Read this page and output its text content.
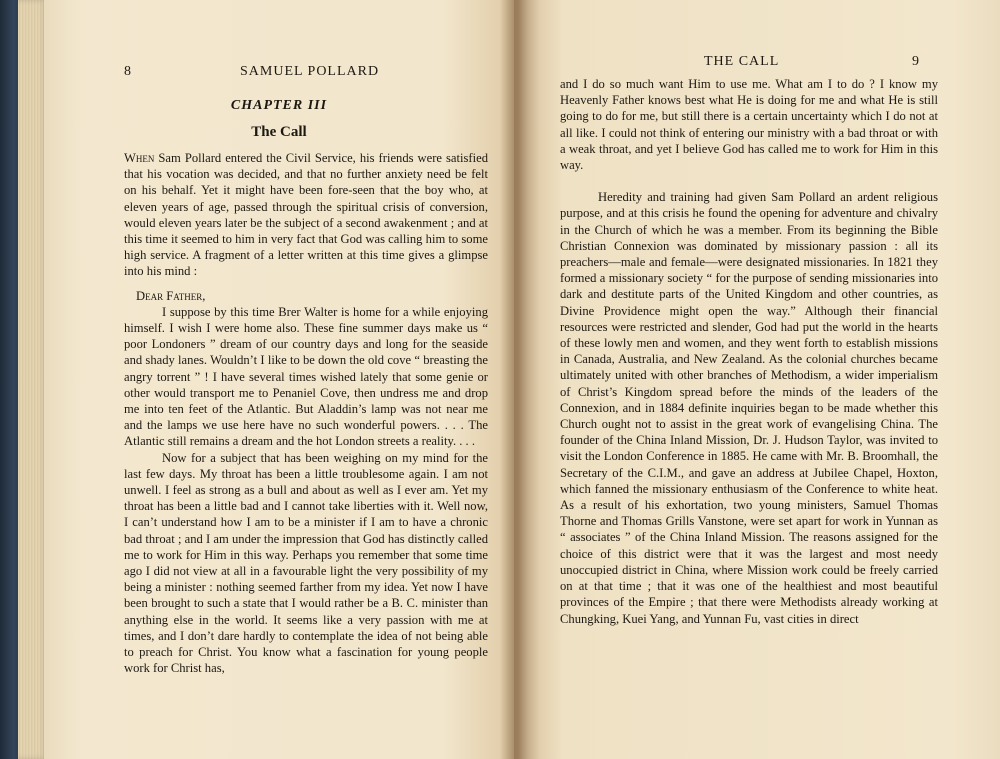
8	SAMUEL POLLARD
CHAPTER III
The Call

When Sam Pollard entered the Civil Service, his friends were satisfied that his vocation was decided, and that no further anxiety need be felt on his behalf. Yet it might have been fore-seen that the boy who, at eleven years of age, passed through the spiritual crisis of conversion, would eleven years later be the subject of a second awakenment ; and at this time it seemed to him in very fact that God was calling him to some high service. A fragment of a letter written at this time gives a glimpse into his mind :

Dear Father,

I suppose by this time Brer Walter is home for a while enjoying himself. I wish I were home also. These fine summer days make us “ poor Londoners ” dream of our country days and long for the seaside and shady lanes. Wouldn’t I like to be down the old cove “ breasting the angry torrent ” ! I have several times wished lately that some genie or other would transport me to Penaniel Cove, then undress me and drop me into ten feet of the Atlantic. But Aladdin’s lamp was not near me and the lamps we use here have no such wonderful powers. . . . The Atlantic still remains a dream and the hot London streets a reality. . . .

Now for a subject that has been weighing on my mind for the last few days. My throat has been a little troublesome again. I am not unwell. I feel as strong as a bull and about as well as I ever am. Yet my throat has been a little bad and I cannot take liberties with it. Well now, I can’t understand how I am to be a minister if I am to have a chronic bad throat ; and I am under the impression that God has distinctly called me to work for Him in this way. Perhaps you remember that some time ago I did not view at all in a favourable light the very possibility of my being a minister : nothing seemed farther from my idea. Yet now I have been brought to such a state that I would rather be a B. C. minister than anything else in the world. It seems like a very passion with me at times, and I don’t dare hardly to contemplate the idea of not being able to preach for Christ. You know what a fascination for young people work for Christ has,

THE CALL	9

and I do so much want Him to use me. What am I to do ? I know my Heavenly Father knows best what He is doing for me and what He is still going to do for me, but still there is a certain uncertainty which I do not at all like. I could not think of entering our ministry with a bad throat or with a weak throat, and yet I believe God has called me to work for Him in this way.

Heredity and training had given Sam Pollard an ardent religious purpose, and at this crisis he found the opening for adventure and chivalry in the Church of which he was a member. From its beginning the Bible Christian Connexion was dominated by missionary passion : all its preachers—male and female—were designated missionaries. In 1821 they formed a missionary society “ for the purpose of sending missionaries into dark and destitute parts of the United Kingdom and other countries, as Divine Providence might open the way.” Although their financial resources were restricted and slender, God had put the world in the hearts of these lowly men and women, and they went forth to establish missions in Canada, Australia, and New Zealand. As the colonial churches became ultimately united with other branches of Methodism, a wider imperialism of Christ’s Kingdom spread before the minds of the leaders of the Connexion, and in 1884 definite inquiries began to be made whether this Church ought not to assist in the great work of evangelising China. The founder of the China Inland Mission, Dr. J. Hudson Taylor, was invited to visit the London Conference in 1885. He came with Mr. B. Broomhall, the Secretary of the C.I.M., and gave an address at Jubilee Chapel, Hoxton, which fanned the missionary enthusiasm of the Conference to white heat. As a result of his exhortation, two young ministers, Samuel Thomas Thorne and Thomas Grills Vanstone, were set apart for work in Yunnan as “ associates ” of the China Inland Mission. The reasons assigned for the choice of this district were that it was the largest and most needy unoccupied district in China, where Mission work could be freely carried on at that time ; that it was one of the healthiest and most beautiful provinces of the Empire ; that there were Methodists already working at Chungking, Kuei Yang, and Yunnan Fu, vast cities in direct
